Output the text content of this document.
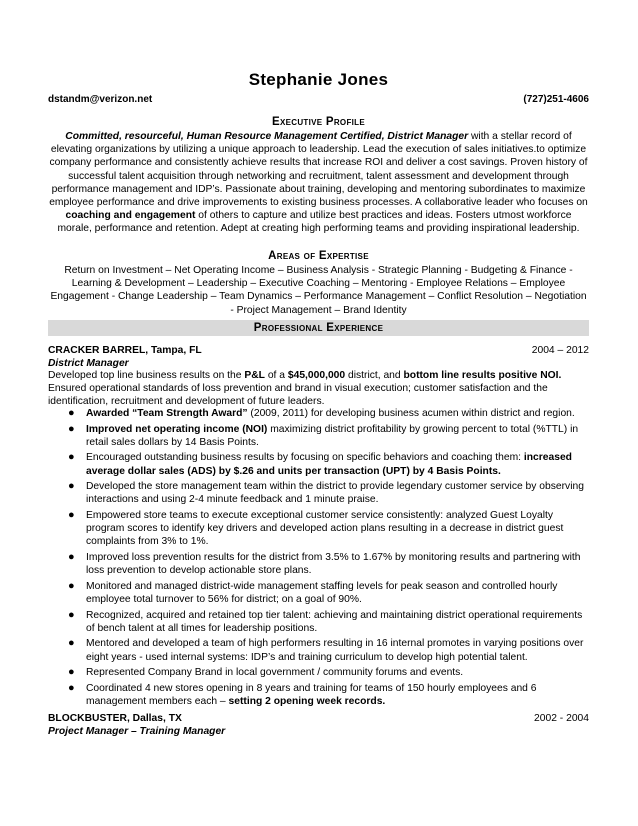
Stephanie Jones
dstandm@verizon.net	(727)251-4606
Executive Profile
Committed, resourceful, Human Resource Management Certified, District Manager with a stellar record of elevating organizations by utilizing a unique approach to leadership. Lead the execution of sales initiatives.to optimize company performance and consistently achieve results that increase ROI and deliver a cost savings. Proven history of successful talent acquisition through networking and recruitment, talent assessment and development through performance management and IDP’s. Passionate about training, developing and mentoring subordinates to maximize employee performance and drive improvements to existing business processes. A collaborative leader who focuses on coaching and engagement of others to capture and utilize best practices and ideas. Fosters utmost workforce morale, performance and retention. Adept at creating high performing teams and providing inspirational leadership.
Areas of Expertise
Return on Investment – Net Operating Income – Business Analysis - Strategic Planning - Budgeting & Finance - Learning & Development – Leadership – Executive Coaching – Mentoring - Employee Relations – Employee Engagement - Change Leadership – Team Dynamics – Performance Management – Conflict Resolution – Negotiation - Project Management – Brand Identity
Professional Experience
CRACKER BARREL, Tampa, FL	2004 – 2012
District Manager
Developed top line business results on the P&L of a $45,000,000 district, and bottom line results positive NOI. Ensured operational standards of loss prevention and brand in visual execution; customer satisfaction and the identification, recruitment and development of future leaders.
● Awarded “Team Strength Award” (2009, 2011) for developing business acumen within district and region.
● Improved net operating income (NOI) maximizing district profitability by growing percent to total (%TTL) in retail sales dollars by 14 Basis Points.
● Encouraged outstanding business results by focusing on specific behaviors and coaching them: increased average dollar sales (ADS) by $.26 and units per transaction (UPT) by 4 Basis Points.
● Developed the store management team within the district to provide legendary customer service by observing interactions and using 2-4 minute feedback and 1 minute praise.
● Empowered store teams to execute exceptional customer service consistently: analyzed Guest Loyalty program scores to identify key drivers and developed action plans resulting in a decrease in district guest complaints from 3% to 1%.
● Improved loss prevention results for the district from 3.5% to 1.67% by monitoring results and partnering with loss prevention to develop actionable store plans.
● Monitored and managed district-wide management staffing levels for peak season and controlled hourly employee total turnover to 56% for district; on a goal of 90%.
● Recognized, acquired and retained top tier talent: achieving and maintaining district operational requirements of bench talent at all times for leadership positions.
● Mentored and developed a team of high performers resulting in 16 internal promotes in varying positions over eight years - used internal systems: IDP’s and training curriculum to develop high potential talent.
● Represented Company Brand in local government / community forums and events.
● Coordinated 4 new stores opening in 8 years and training for teams of 150 hourly employees and 6 management members each – setting 2 opening week records.
BLOCKBUSTER, Dallas, TX	2002 - 2004
Project Manager – Training Manager
